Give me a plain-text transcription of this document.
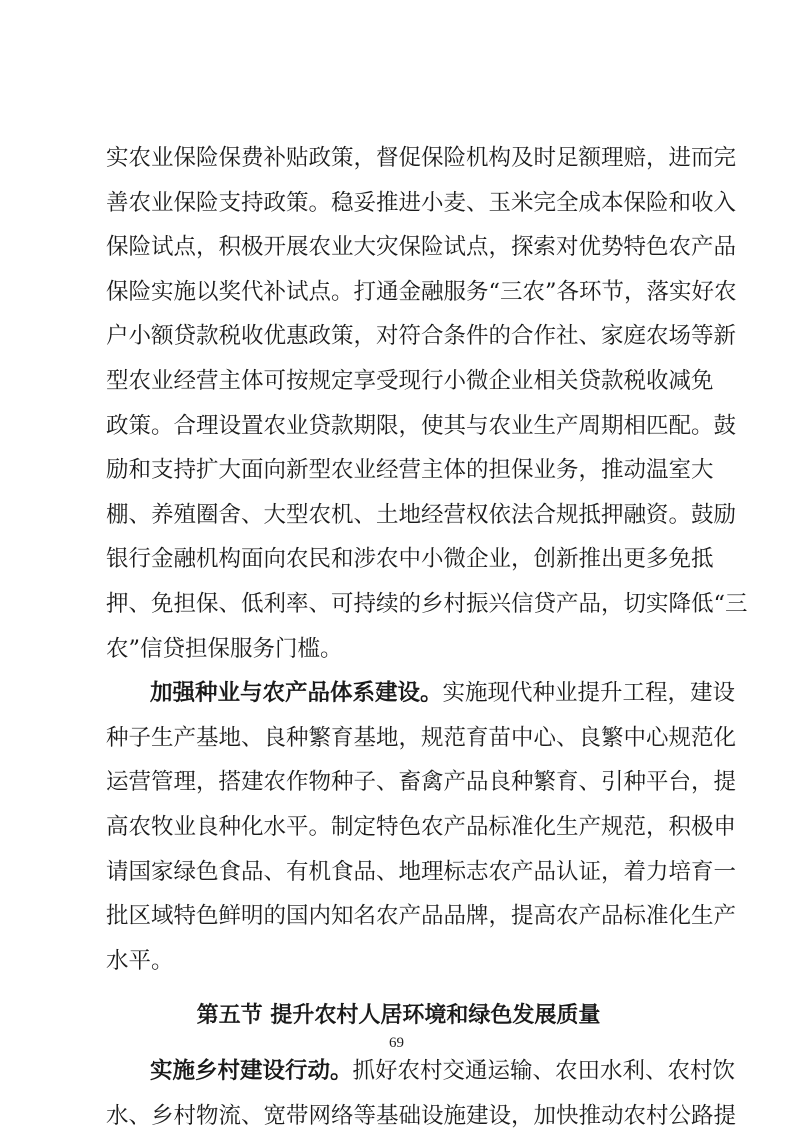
实农业保险保费补贴政策，督促保险机构及时足额理赔，进而完
善农业保险支持政策。稳妥推进小麦、玉米完全成本保险和收入
保险试点，积极开展农业大灾保险试点，探索对优势特色农产品
保险实施以奖代补试点。打通金融服务“三农”各环节，落实好农
户小额贷款税收优惠政策，对符合条件的合作社、家庭农场等新
型农业经营主体可按规定享受现行小微企业相关贷款税收减免
政策。合理设置农业贷款期限，使其与农业生产周期相匹配。鼓
励和支持扩大面向新型农业经营主体的担保业务，推动温室大
棚、养殖圈舍、大型农机、土地经营权依法合规抵押融资。鼓励
银行金融机构面向农民和涉农中小微企业，创新推出更多免抵
押、免担保、低利率、可持续的乡村振兴信贷产品，切实降低“三
农”信贷担保服务门槛。
加强种业与农产品体系建设。实施现代种业提升工程，建设
种子生产基地、良种繁育基地，规范育苗中心、良繁中心规范化
运营管理，搭建农作物种子、畜禽产品良种繁育、引种平台，提
高农牧业良种化水平。制定特色农产品标准化生产规范，积极申
请国家绿色食品、有机食品、地理标志农产品认证，着力培育一
批区域特色鲜明的国内知名农产品品牌，提高农产品标准化生产
水平。
第五节 提升农村人居环境和绿色发展质量
实施乡村建设行动。抓好农村交通运输、农田水利、农村饮
水、乡村物流、宽带网络等基础设施建设，加快推动农村公路提
69
